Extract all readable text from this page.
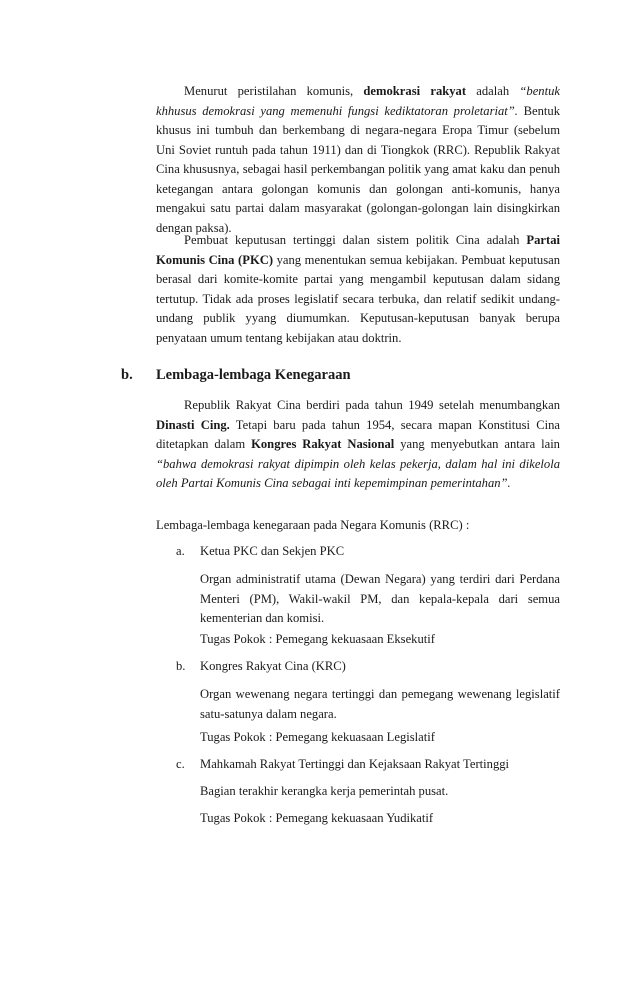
Menurut peristilahan komunis, demokrasi rakyat adalah “bentuk khhusus demokrasi yang memenuhi fungsi kediktatoran proletariat”. Bentuk khusus ini tumbuh dan berkembang di negara-negara Eropa Timur (sebelum Uni Soviet runtuh pada tahun 1911) dan di Tiongkok (RRC). Republik Rakyat Cina khususnya, sebagai hasil perkembangan politik yang amat kaku dan penuh ketegangan antara golongan komunis dan golongan anti-komunis, hanya mengakui satu partai dalam masyarakat (golongan-golongan lain disingkirkan dengan paksa).

Pembuat keputusan tertinggi dalan sistem politik Cina adalah Partai Komunis Cina (PKC) yang menentukan semua kebijakan. Pembuat keputusan berasal dari komite-komite partai yang mengambil keputusan dalam sidang tertutup. Tidak ada proses legislatif secara terbuka, dan relatif sedikit undang-undang publik yyang diumumkan. Keputusan-keputusan banyak berupa penyataan umum tentang kebijakan atau doktrin.

b. Lembaga-lembaga Kenegaraan

Republik Rakyat Cina berdiri pada tahun 1949 setelah menumbangkan Dinasti Cing. Tetapi baru pada tahun 1954, secara mapan Konstitusi Cina ditetapkan dalam Kongres Rakyat Nasional yang menyebutkan antara lain “bahwa demokrasi rakyat dipimpin oleh kelas pekerja, dalam hal ini dikelola oleh Partai Komunis Cina sebagai inti kepemimpinan pemerintahan”.

Lembaga-lembaga kenegaraan pada Negara Komunis (RRC) :

a. Ketua PKC dan Sekjen PKC

Organ administratif utama (Dewan Negara) yang terdiri dari Perdana Menteri (PM), Wakil-wakil PM, dan kepala-kepala dari semua kementerian dan komisi.

Tugas Pokok : Pemegang kekuasaan Eksekutif

b. Kongres Rakyat Cina (KRC)

Organ wewenang negara tertinggi dan pemegang wewenang legislatif satu-satunya dalam negara.

Tugas Pokok : Pemegang kekuasaan Legislatif

c. Mahkamah Rakyat Tertinggi dan Kejaksaan Rakyat Tertinggi

Bagian terakhir kerangka kerja pemerintah pusat.

Tugas Pokok : Pemegang kekuasaan Yudikatif
